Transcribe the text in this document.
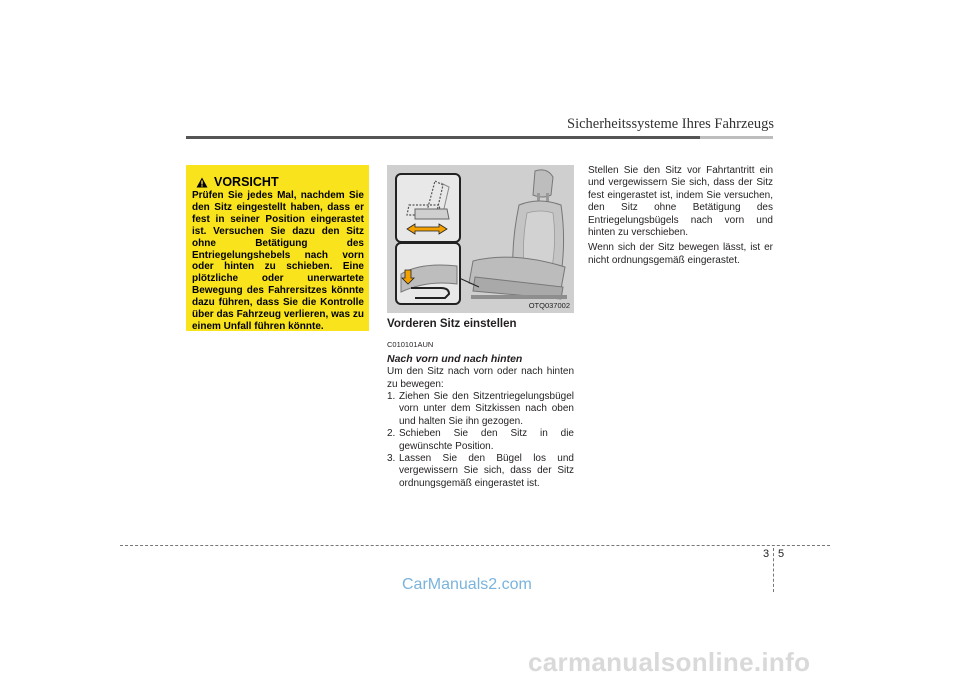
Sicherheitssysteme Ihres Fahrzeugs
VORSICHT
Prüfen Sie jedes Mal, nachdem Sie den Sitz eingestellt haben, dass er fest in seiner Position eingerastet ist. Versuchen Sie dazu den Sitz ohne Betätigung des Entriegelungshebels nach vorn oder hinten zu schieben. Eine plötzliche oder unerwartete Bewegung des Fahrersitzes könnte dazu führen, dass Sie die Kontrolle über das Fahrzeug verlieren, was zu einem Unfall führen könnte.
OTQ037002
Vorderen Sitz einstellen
C010101AUN
Nach vorn und nach hinten
Um den Sitz nach vorn oder nach hinten zu bewegen:
1. Ziehen Sie den Sitzentriegelungsbügel vorn unter dem Sitzkissen nach oben und halten Sie ihn gezogen.
2. Schieben Sie den Sitz in die gewünschte Position.
3. Lassen Sie den Bügel los und vergewissern Sie sich, dass der Sitz ordnungsgemäß eingerastet ist.

Stellen Sie den Sitz vor Fahrtantritt ein und vergewissern Sie sich, dass der Sitz fest eingerastet ist, indem Sie versuchen, den Sitz ohne Betätigung des Entriegelungsbügels nach vorn und hinten zu verschieben.

Wenn sich der Sitz bewegen lässt, ist er nicht ordnungsgemäß eingerastet.

3 5
CarManuals2.com
carmanualsonline.info
